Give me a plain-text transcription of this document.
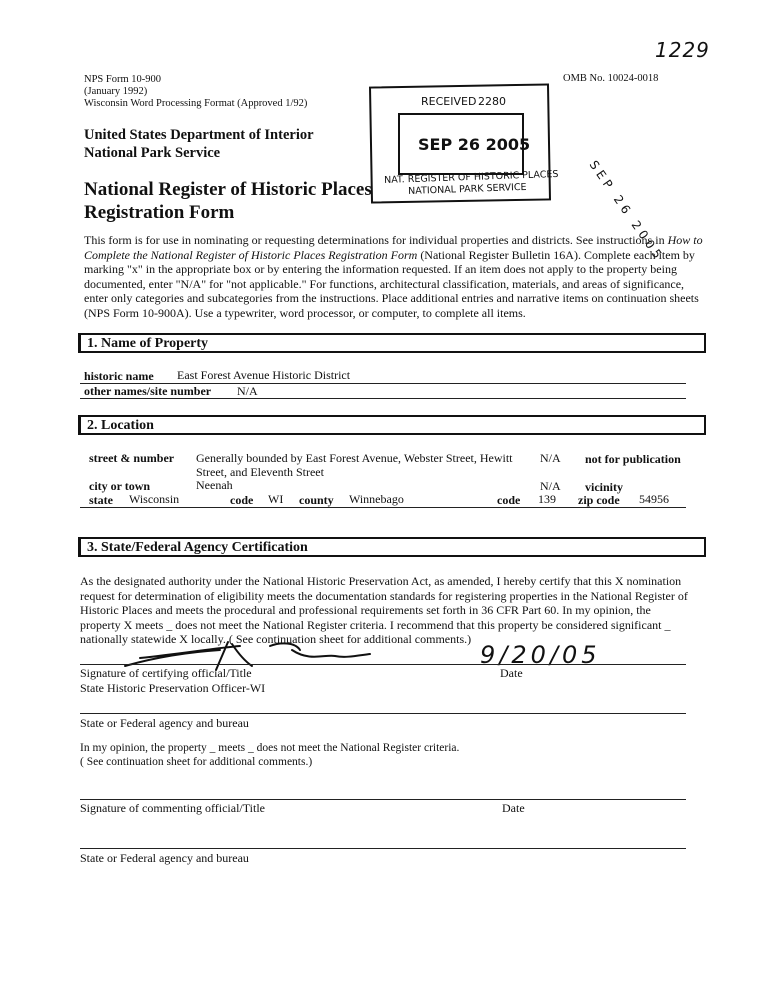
1229
NPS Form 10-900
(January 1992)
Wisconsin Word Processing Format (Approved 1/92)
OMB No. 10024-0018
United States Department of Interior
National Park Service
National Register of Historic Places
Registration Form
RECEIVED 2280
SEP 26 2005
NAT. REGISTER OF HISTORIC PLACES
NATIONAL PARK SERVICE	SEP 26 2005
This form is for use in nominating or requesting determinations for individual properties and districts. See instructions in How to Complete the National Register of Historic Places Registration Form (National Register Bulletin 16A). Complete each item by marking "x" in the appropriate box or by entering the information requested. If an item does not apply to the property being documented, enter "N/A" for "not applicable." For functions, architectural classification, materials, and areas of significance, enter only categories and subcategories from the instructions. Place additional entries and narrative items on continuation sheets (NPS Form 10-900A). Use a typewriter, word processor, or computer, to complete all items.
1. Name of Property
historic name East Forest Avenue Historic District
other names/site number N/A
2. Location
street & number Generally bounded by East Forest Avenue, Webster Street, Hewitt
Street, and Eleventh Street
N/A not for publication
city or town	Neenah	N/A vicinity
state Wisconsin	code WI county Winnebago	code 139 zip code 54956
3. State/Federal Agency Certification
As the designated authority under the National Historic Preservation Act, as amended, I hereby certify that this X nomination request for determination of eligibility meets the documentation standards for registering properties in the National Register of Historic Places and meets the procedural and professional requirements set forth in 36 CFR Part 60. In my opinion, the property X meets _ does not meet the National Register criteria. I recommend that this property be considered significant _ nationally statewide X locally. ( See continuation sheet for additional comments.)
9/20/05
Signature of certifying official/Title	Date
State Historic Preservation Officer-WI
State or Federal agency and bureau
In my opinion, the property _ meets _ does not meet the National Register criteria.
( See continuation sheet for additional comments.)
Signature of commenting official/Title	Date
State or Federal agency and bureau
